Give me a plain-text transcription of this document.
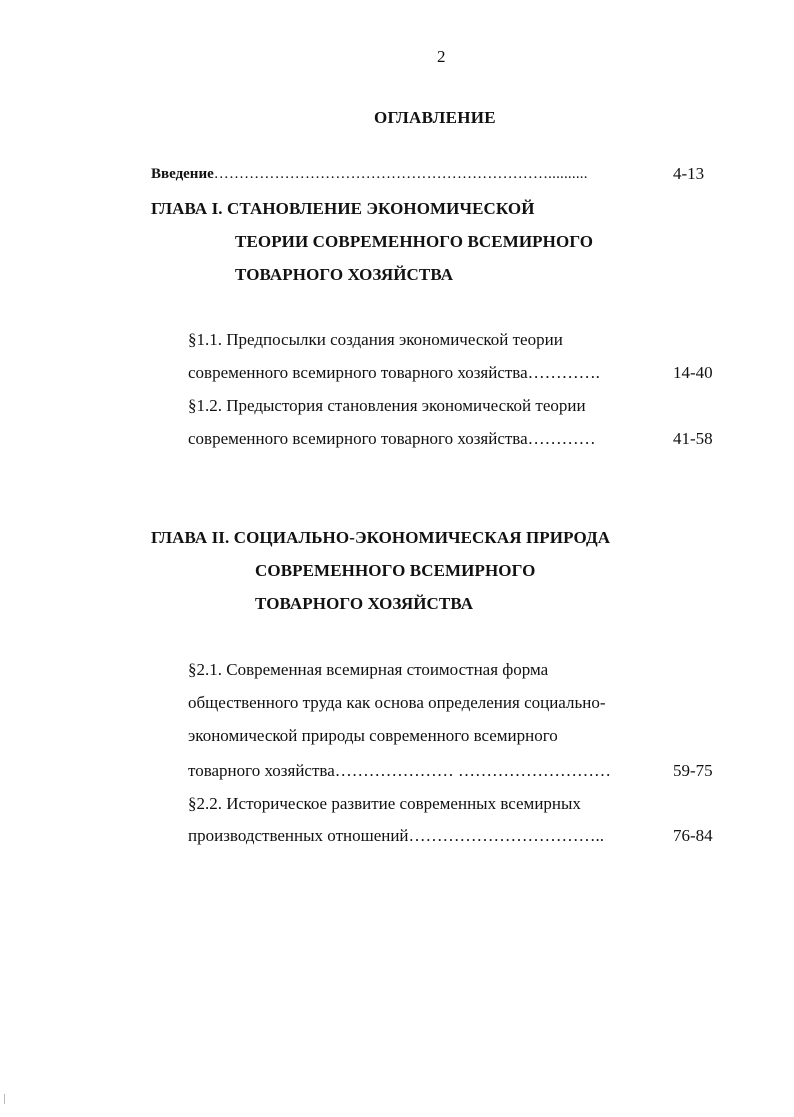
2
ОГЛАВЛЕНИЕ
Введение…………………………………………………………..........	4-13
ГЛАВА I. СТАНОВЛЕНИЕ ЭКОНОМИЧЕСКОЙ
ТЕОРИИ СОВРЕМЕННОГО ВСЕМИРНОГО
ТОВАРНОГО ХОЗЯЙСТВА
§1.1. Предпосылки создания экономической теории
современного всемирного товарного хозяйства………….	14-40
§1.2. Предыстория становления экономической теории
современного всемирного товарного хозяйства…………	41-58
ГЛАВА II. СОЦИАЛЬНО-ЭКОНОМИЧЕСКАЯ ПРИРОДА
СОВРЕМЕННОГО ВСЕМИРНОГО
ТОВАРНОГО ХОЗЯЙСТВА
§2.1. Современная всемирная стоимостная форма
общественного труда как основа определения социально-
экономической природы современного всемирного
товарного хозяйства………………… ………………………	59-75
§2.2. Историческое развитие современных всемирных
производственных отношений……………………………..	76-84
